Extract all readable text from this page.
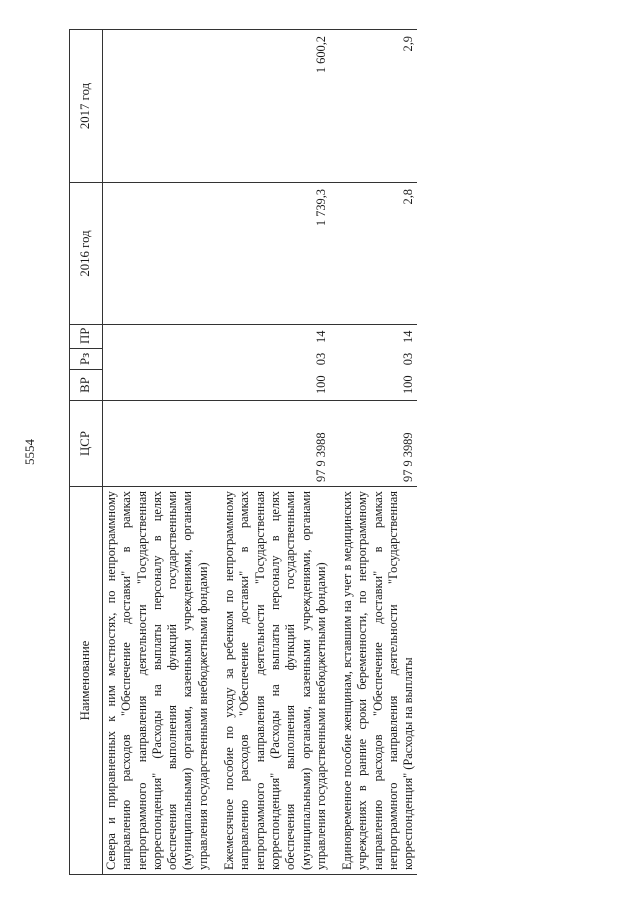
5554
Наименование	ЦСР	ВР	Рз	ПР	2016 год	2017 год
Севера и приравненных к ним местностях, по непрограммному направлению расходов "Обеспечение доставки" в рамках непрограммного направления деятельности "Государственная корреспонденция" (Расходы на выплаты персоналу в целях обеспечения выполнения функций государственными (муниципальными) органами, казенными учреждениями, органами управления государственными внебюджетными фондами)						

Ежемесячное пособие по уходу за ребенком по непрограммному направлению расходов "Обеспечение доставки" в рамках непрограммного направления деятельности "Государственная корреспонденция" (Расходы на выплаты персоналу в целях обеспечения выполнения функций государственными (муниципальными) органами, казенными учреждениями, органами управления государственными внебюджетными фондами)	97 9 3988	100	03	14	1 739,3	1 600,2

Единовременное пособие женщинам, вставшим на учет в медицинских учреждениях в ранние сроки беременности, по непрограммному направлению расходов "Обеспечение доставки" в рамках непрограммного направления деятельности "Государственная корреспонденция" (Расходы на выплаты	97 9 3989	100	03	14	2,8	2,9
